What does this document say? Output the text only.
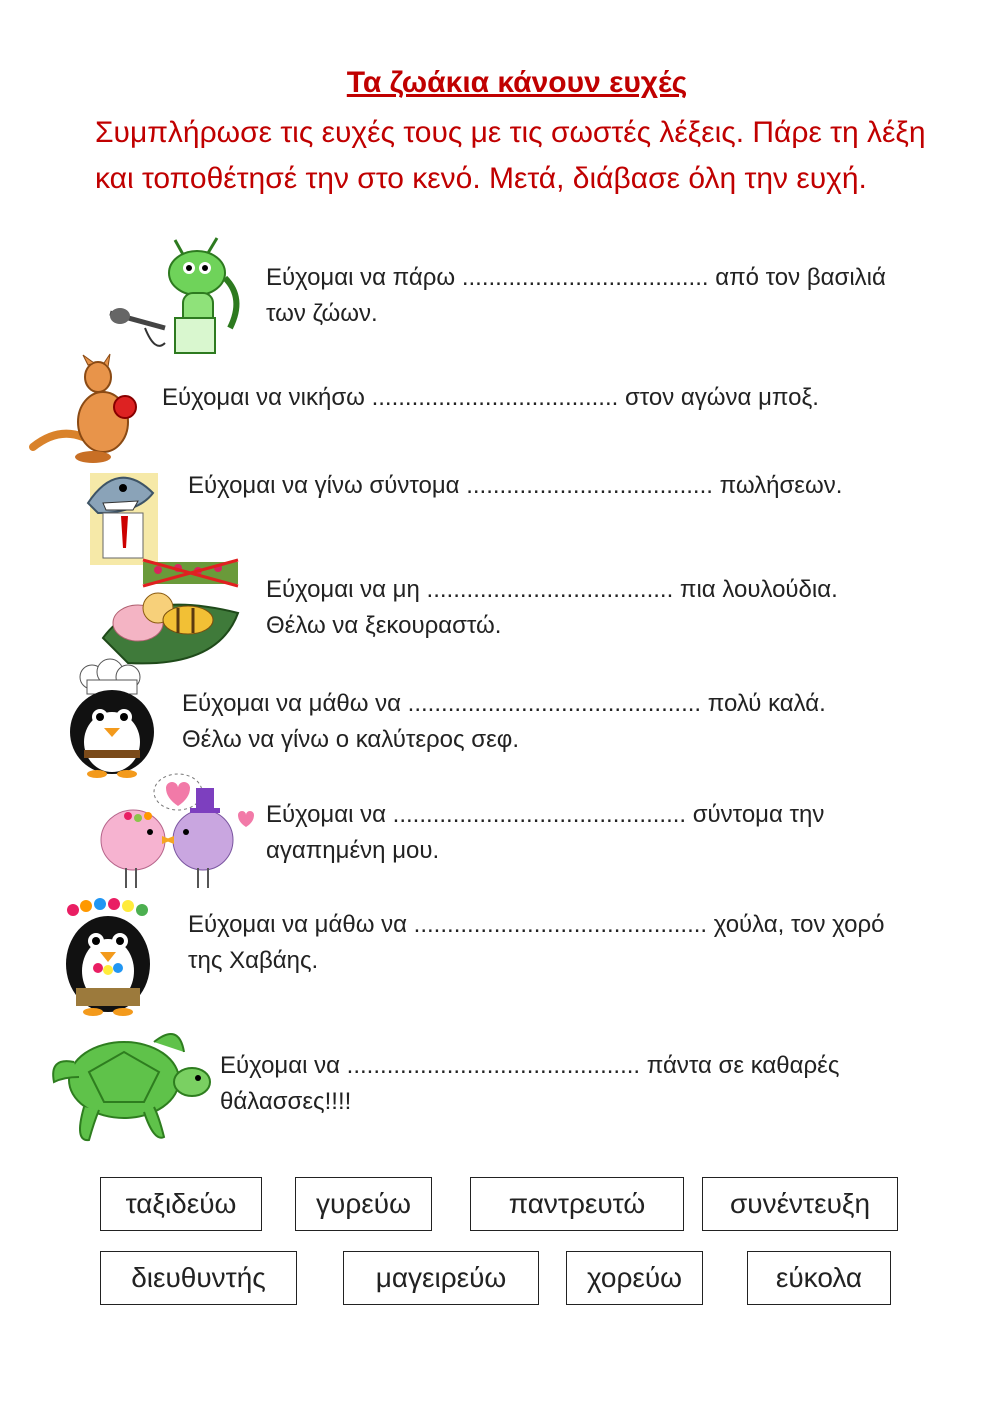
Τα ζωάκια κάνουν ευχές
Συμπλήρωσε τις ευχές τους με τις σωστές λέξεις. Πάρε τη λέξη και τοποθέτησέ την στο κενό. Μετά, διάβασε όλη την ευχή.
Εύχομαι να πάρω ..................................... από τον βασιλιά
των ζώων.
Εύχομαι να νικήσω ..................................... στον αγώνα μποξ.
Εύχομαι να γίνω σύντομα ..................................... πωλήσεων.
Εύχομαι να μη ..................................... πια λουλούδια.
Θέλω να ξεκουραστώ.
Εύχομαι να μάθω να ............................................ πολύ καλά.
Θέλω να γίνω ο καλύτερος σεφ.
Εύχομαι να ............................................ σύντομα την
αγαπημένη μου.
Εύχομαι να μάθω να ............................................ χούλα, τον χορό
της Χαβάης.
Εύχομαι να ............................................ πάντα σε καθαρές
θάλασσες!!!!
ταξιδεύω	γυρεύω	παντρευτώ	συνέντευξη
διευθυντής	μαγειρεύω	χορεύω	εύκολα
